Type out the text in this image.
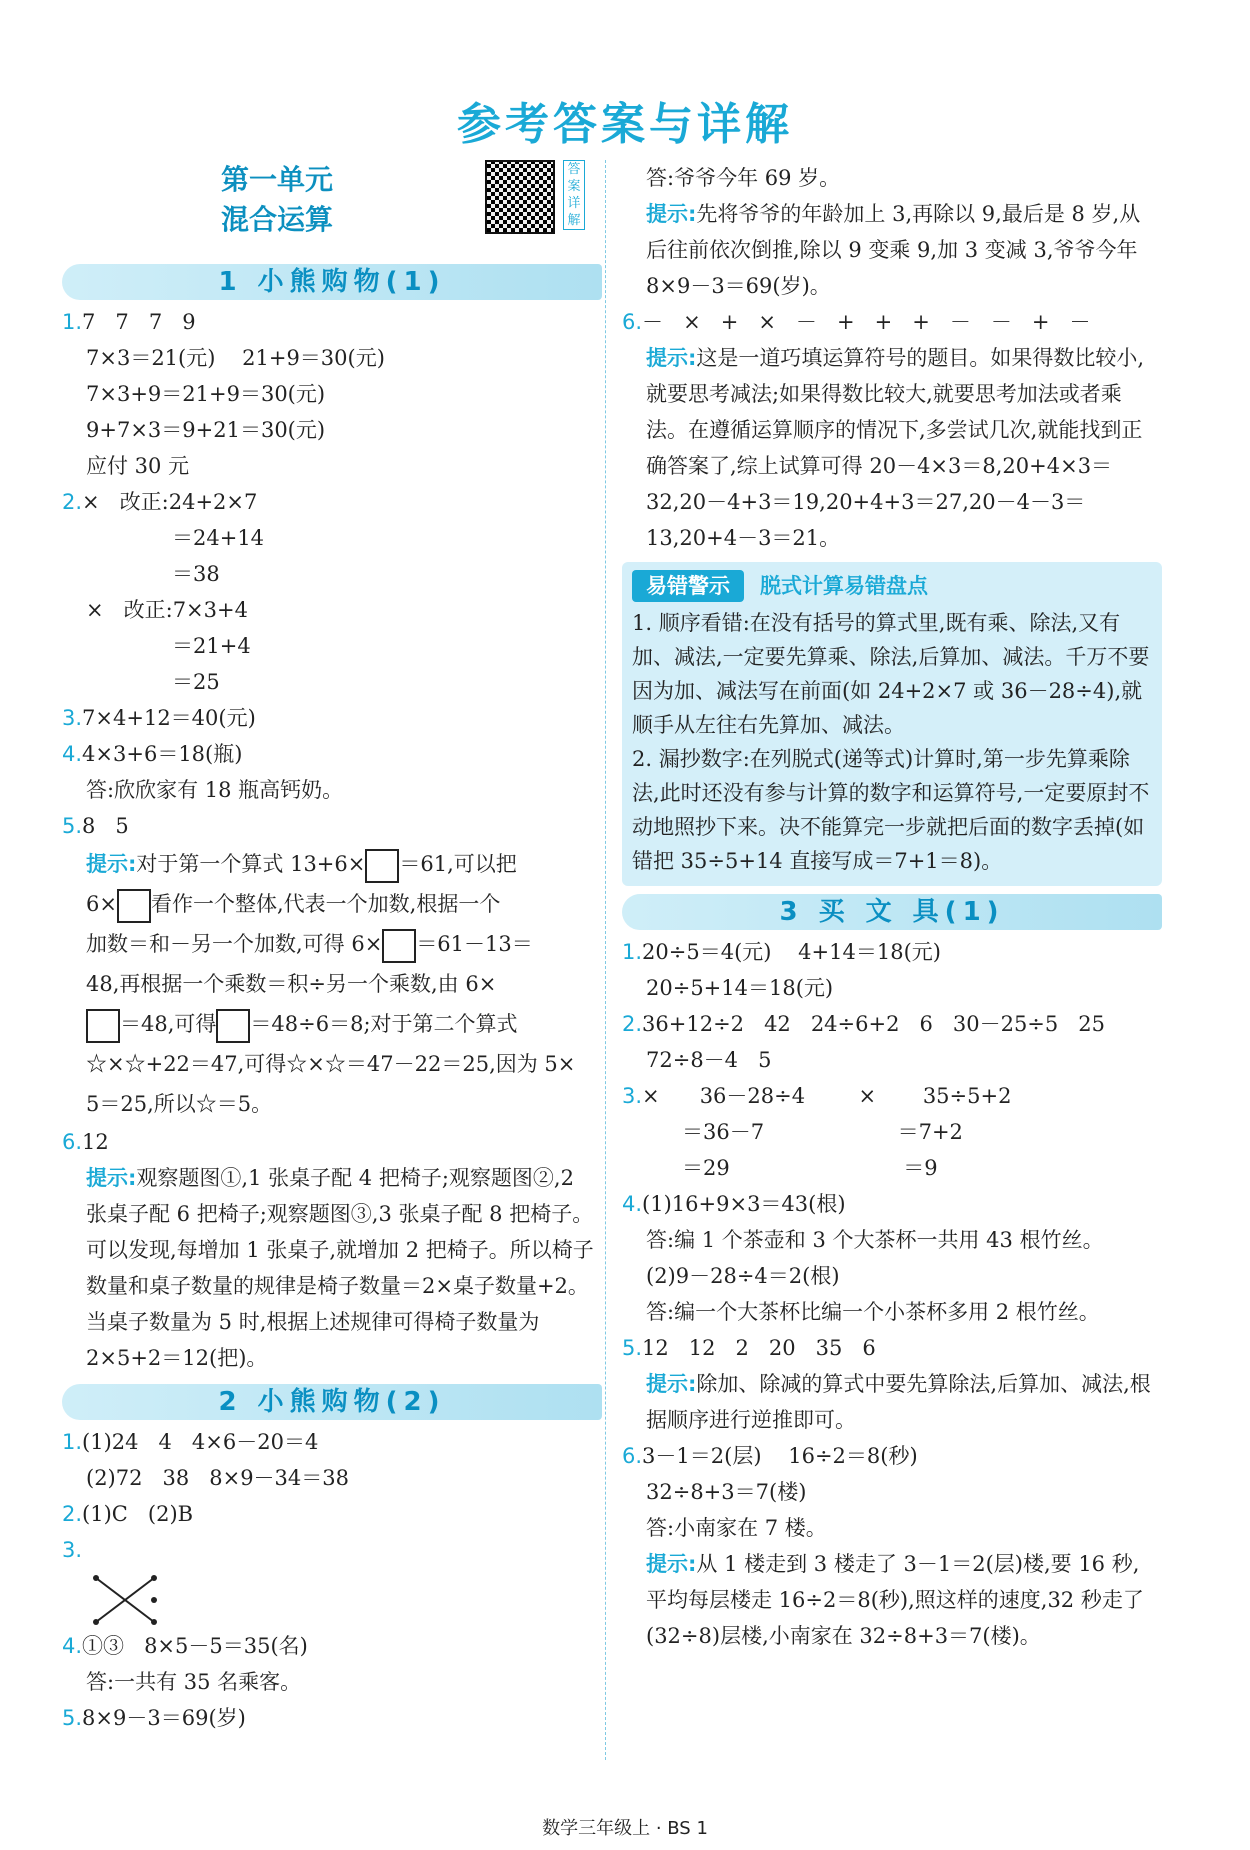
参考答案与详解
第一单元
混合运算
答案详解
1 小熊购物(1)
1.7   7   7   9
7×3＝21(元)    21+9＝30(元)
7×3+9＝21+9＝30(元)
9+7×3＝9+21＝30(元)
应付 30 元
2.×   改正:24+2×7
＝24+14
＝38
×   改正:7×3+4
＝21+4
＝25
3.7×4+12＝40(元)
4.4×3+6＝18(瓶)
答:欣欣家有 18 瓶高钙奶。
5.8   5
提示:对于第一个算式 13+6× ＝61,可以把
6× 看作一个整体,代表一个加数,根据一个
加数＝和－另一个加数,可得 6× ＝61－13＝
48,再根据一个乘数＝积÷另一个乘数,由 6×
＝48,可得 ＝48÷6＝8;对于第二个算式
☆×☆+22＝47,可得☆×☆＝47－22＝25,因为 5×
5＝25,所以☆＝5。
6.12
提示:观察题图①,1 张桌子配 4 把椅子;观察题图②,2 张桌子配 6 把椅子;观察题图③,3 张桌子配 8 把椅子。可以发现,每增加 1 张桌子,就增加 2 把椅子。所以椅子数量和桌子数量的规律是椅子数量＝2×桌子数量+2。当桌子数量为 5 时,根据上述规律可得椅子数量为 2×5+2＝12(把)。
2 小熊购物(2)
1.(1)24   4   4×6－20＝4
(2)72   38   8×9－34＝38
2.(1)C   (2)B
3.
4.①③   8×5－5＝35(名)
答:一共有 35 名乘客。
5.8×9－3＝69(岁)
答:爷爷今年 69 岁。
提示:先将爷爷的年龄加上 3,再除以 9,最后是 8 岁,从后往前依次倒推,除以 9 变乘 9,加 3 变减 3,爷爷今年 8×9－3＝69(岁)。
6.－   ×   +   ×   －   +   +   +   －   －   +   －
提示:这是一道巧填运算符号的题目。如果得数比较小,就要思考减法;如果得数比较大,就要思考加法或者乘法。在遵循运算顺序的情况下,多尝试几次,就能找到正确答案了,综上试算可得 20－4×3＝8,20+4×3＝32,20－4+3＝19,20+4+3＝27,20－4－3＝13,20+4－3＝21。
易错警示	脱式计算易错盘点

1. 顺序看错:在没有括号的算式里,既有乘、除法,又有加、减法,一定要先算乘、除法,后算加、减法。千万不要因为加、减法写在前面(如 24+2×7 或 36－28÷4),就顺手从左往右先算加、减法。

2. 漏抄数字:在列脱式(递等式)计算时,第一步先算乘除法,此时还没有参与计算的数字和运算符号,一定要原封不动地照抄下来。决不能算完一步就把后面的数字丢掉(如错把 35÷5+14 直接写成＝7+1＝8)。

3 买 文 具(1)
1.20÷5＝4(元)    4+14＝18(元)
20÷5+14＝18(元)
2.36+12÷2   42   24÷6+2   6   30－25÷5   25
72÷8－4   5
3.×      36－28÷4        ×       35÷5+2
＝36－7                    ＝7+2
＝29                          ＝9
4.(1)16+9×3＝43(根)
答:编 1 个茶壶和 3 个大茶杯一共用 43 根竹丝。
(2)9－28÷4＝2(根)
答:编一个大茶杯比编一个小茶杯多用 2 根竹丝。
5.12   12   2   20   35   6
提示:除加、除减的算式中要先算除法,后算加、减法,根据顺序进行逆推即可。
6.3－1＝2(层)    16÷2＝8(秒)
32÷8+3＝7(楼)
答:小南家在 7 楼。
提示:从 1 楼走到 3 楼走了 3－1＝2(层)楼,要 16 秒,平均每层楼走 16÷2＝8(秒),照这样的速度,32 秒走了(32÷8)层楼,小南家在 32÷8+3＝7(楼)。
数学三年级上 · BS 1
